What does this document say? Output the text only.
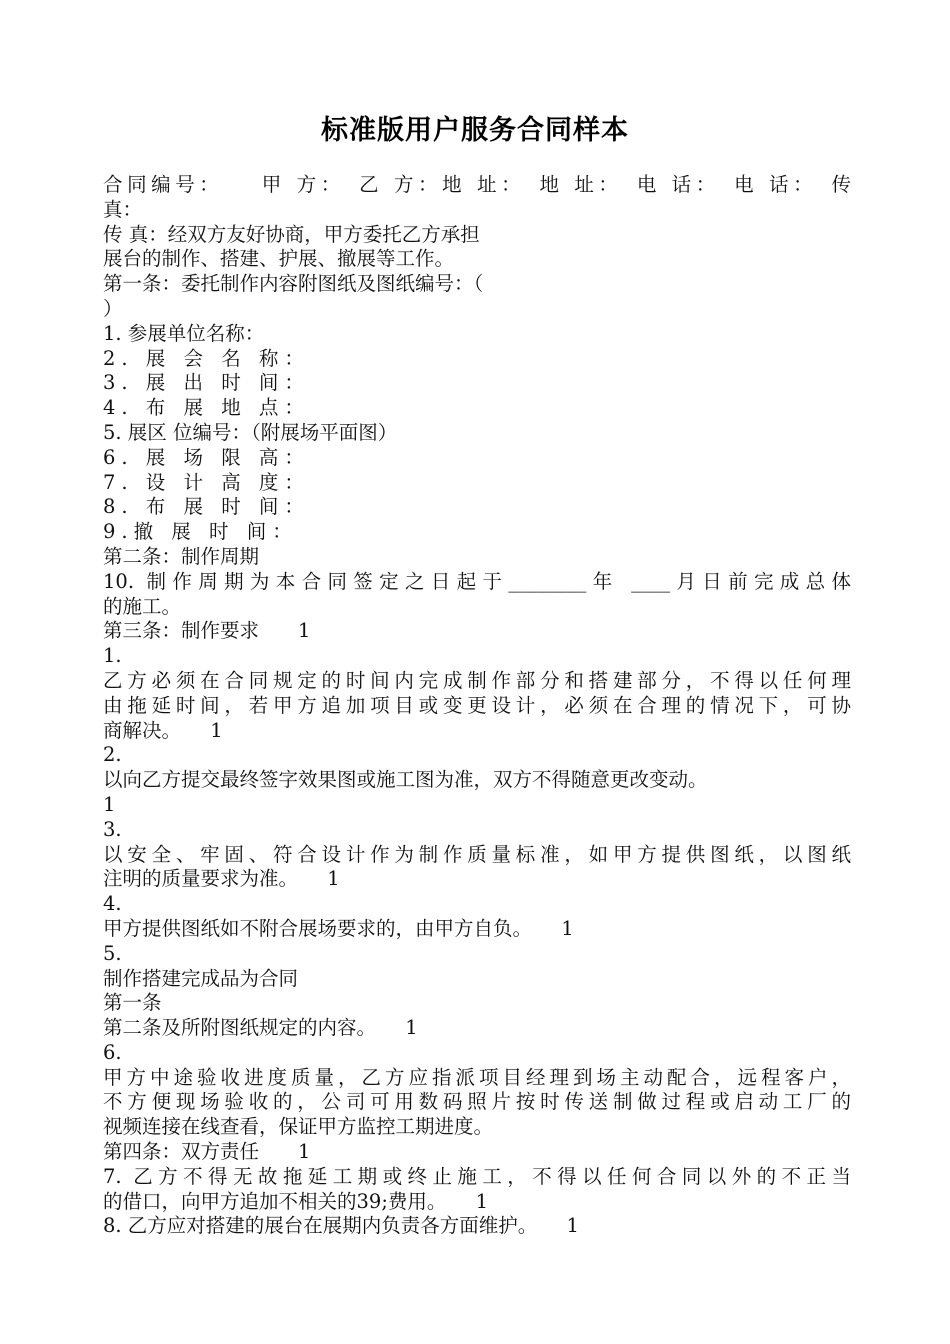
标准版用户服务合同样本
合同编号：　　甲 方：　乙 方：地 址：　地 址：　电 话：　电 话：　传
真：
传 真：经双方友好协商，甲方委托乙方承担
展台的制作、搭建、护展、撤展等工作。
第一条：委托制作内容附图纸及图纸编号：（
）
1. 参展单位名称：
2. 展 会 名 称：
3. 展 出 时 间：
4. 布 展 地 点：
5. 展区 位编号：（附展场平面图）
6. 展 场 限 高：
7. 设 计 高 度：
8. 布 展 时 间：
9.撤 展 时 间：
第二条：制作周期
10. 制作周期为本合同签定之日起于________年 ____月日前完成总体
的施工。
第三条：制作要求　　1
1.
乙方必须在合同规定的时间内完成制作部分和搭建部分，不得以任何理
由拖延时间，若甲方追加项目或变更设计，必须在合理的情况下，可协
商解决。　　1
2.
以向乙方提交最终签字效果图或施工图为准，双方不得随意更改变动。
1
3.
以安全、牢固、符合设计作为制作质量标准，如甲方提供图纸，以图纸
注明的质量要求为准。　　1
4.
甲方提供图纸如不附合展场要求的，由甲方自负。　　1
5.
制作搭建完成品为合同
第一条
第二条及所附图纸规定的内容。　　1
6.
甲方中途验收进度质量，乙方应指派项目经理到场主动配合，远程客户，
不方便现场验收的，公司可用数码照片按时传送制做过程或启动工厂的
视频连接在线查看，保证甲方监控工期进度。
第四条：双方责任　　1
7. 乙方不得无故拖延工期或终止施工，不得以任何合同以外的不正当
的借口，向甲方追加不相关的39;费用。　　1
8. 乙方应对搭建的展台在展期内负责各方面维护。　　1
